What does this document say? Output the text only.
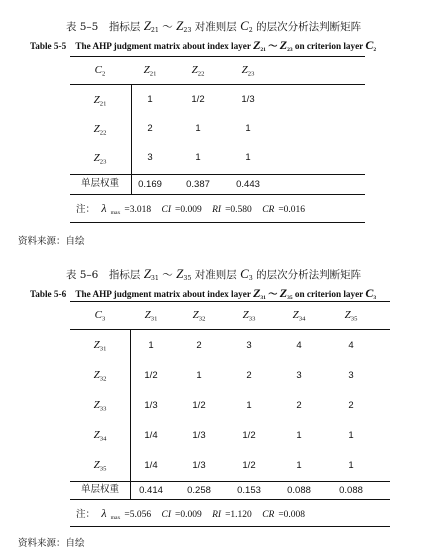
表 5–5　指标层 $Z_{21}$ ～ $Z_{23}$ 对准则层 $C_2$ 的层次分析法判断矩阵
Table 5-5　The AHP judgment matrix about index layer $Z_{21}$ ～ $Z_{23}$ on criterion layer $C_2$
$C_2$	$Z_{21}$	$Z_{22}$	$Z_{23}$
$Z_{21}$	1	1/2	1/3
$Z_{22}$	2	1	1
$Z_{23}$	3	1	1
单层权重	0.169	0.387	0.443
注： λ $_{max}$ =3.018 CI =0.009 RI =0.580 CR =0.016
资料来源：自绘
表 5–6　指标层 $Z_{31}$ ～ $Z_{35}$ 对准则层 $C_3$ 的层次分析法判断矩阵
Table 5-6　The AHP judgment matrix about index layer $Z_{31}$ ～ $Z_{35}$ on criterion layer $C_3$
$C_3$	$Z_{31}$	$Z_{32}$	$Z_{33}$	$Z_{34}$	$Z_{35}$
$Z_{31}$	1	2	3	4	4
$Z_{32}$	1/2	1	2	3	3
$Z_{33}$	1/3	1/2	1	2	2
$Z_{34}$	1/4	1/3	1/2	1	1
$Z_{35}$	1/4	1/3	1/2	1	1
单层权重	0.414	0.258	0.153	0.088	0.088
注： λ $_{max}$ =5.056 CI =0.009 RI =1.120 CR =0.008
资料来源：自绘
